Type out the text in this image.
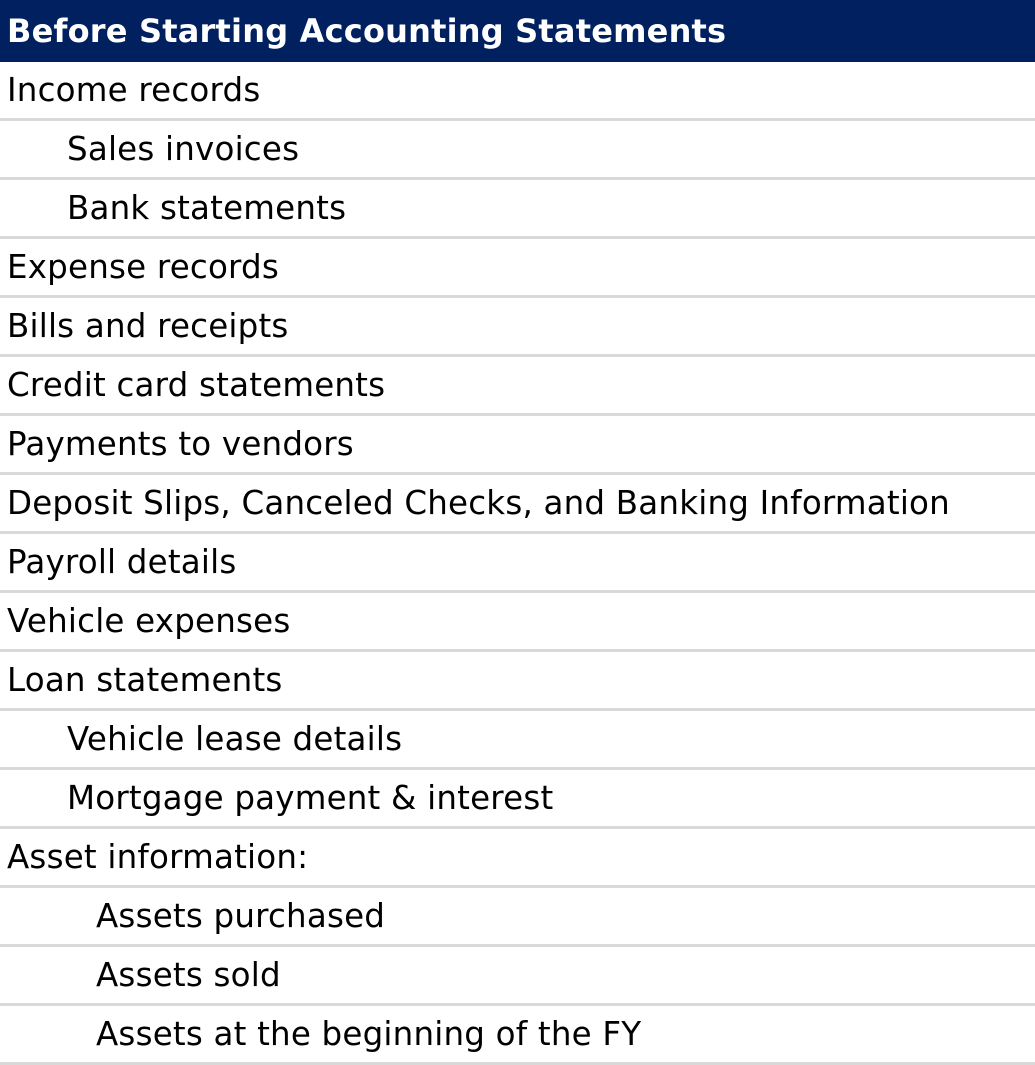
Before Starting Accounting Statements
Income records
Sales invoices
Bank statements
Expense records
Bills and receipts
Credit card statements
Payments to vendors
Deposit Slips, Canceled Checks, and Banking Information
Payroll details
Vehicle expenses
Loan statements
Vehicle lease details
Mortgage payment & interest
Asset information:
Assets purchased
Assets sold
Assets at the beginning of the FY
